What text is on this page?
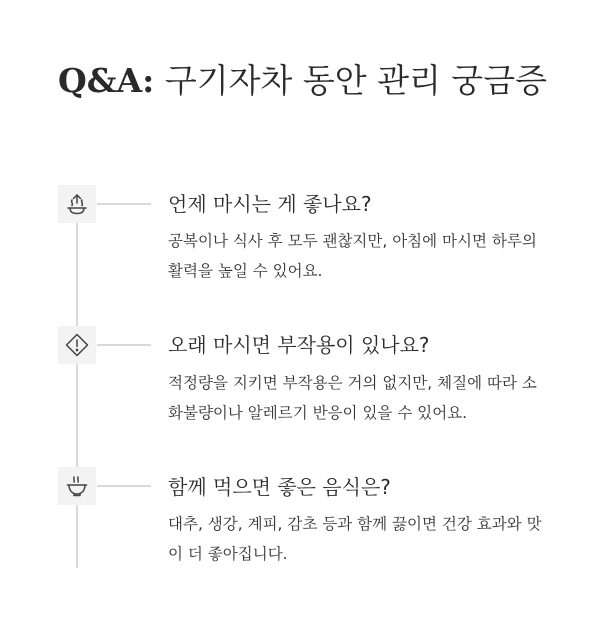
Q&A: 구기자차 동안 관리 궁금증
언제 마시는 게 좋나요?

공복이나 식사 후 모두 괜찮지만, 아침에 마시면 하루의 활력을 높일 수 있어요.

오래 마시면 부작용이 있나요?

적정량을 지키면 부작용은 거의 없지만, 체질에 따라 소화불량이나 알레르기 반응이 있을 수 있어요.

함께 먹으면 좋은 음식은?

대추, 생강, 계피, 감초 등과 함께 끓이면 건강 효과와 맛이 더 좋아집니다.
